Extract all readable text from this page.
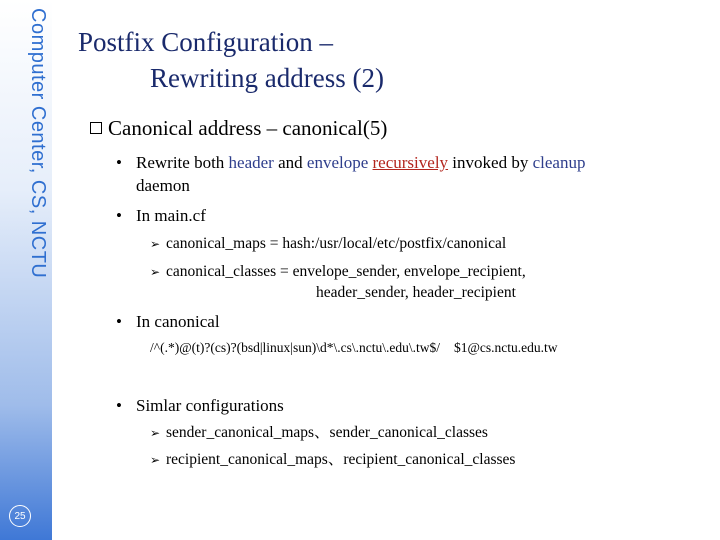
Computer Center, CS, NCTU
25
Postfix Configuration –
Rewriting address (2)
Canonical address – canonical(5)
• Rewrite both header and envelope recursively invoked by cleanup
daemon
• In main.cf
➢ canonical_maps = hash:/usr/local/etc/postfix/canonical
➢ canonical_classes = envelope_sender, envelope_recipient,
header_sender, header_recipient
• In canonical
/^(.*)@(t)?(cs)?(bsd|linux|sun)\d*\.cs\.nctu\.edu\.tw$/ $1@cs.nctu.edu.tw
• Simlar configurations
➢ sender_canonical_maps、sender_canonical_classes
➢ recipient_canonical_maps、recipient_canonical_classes
